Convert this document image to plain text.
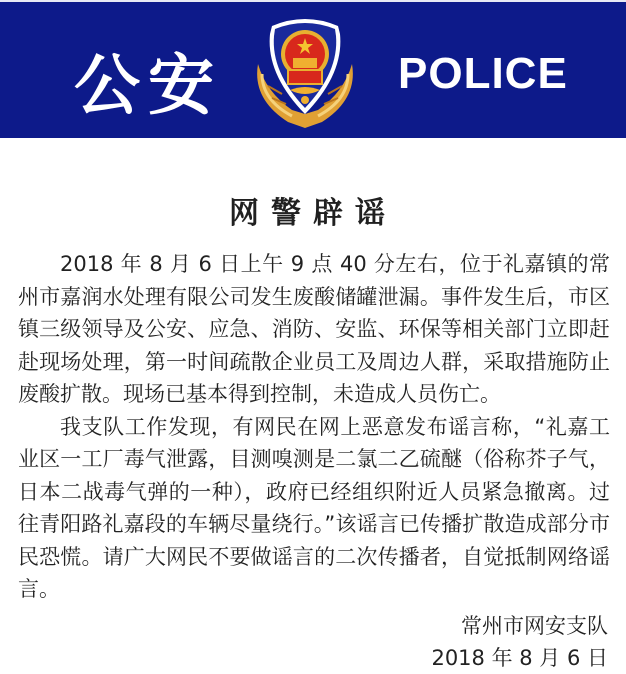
公安	POLICE
网警辟谣

2018 年 8 月 6 日上午 9 点 40 分左右，位于礼嘉镇的常州市嘉润水处理有限公司发生废酸储罐泄漏。事件发生后，市区镇三级领导及公安、应急、消防、安监、环保等相关部门立即赶赴现场处理，第一时间疏散企业员工及周边人群，采取措施防止废酸扩散。现场已基本得到控制，未造成人员伤亡。

我支队工作发现，有网民在网上恶意发布谣言称，“礼嘉工业区一工厂毒气泄露，目测嗅测是二氯二乙硫醚（俗称芥子气，日本二战毒气弹的一种），政府已经组织附近人员紧急撤离。过往青阳路礼嘉段的车辆尽量绕行。”该谣言已传播扩散造成部分市民恐慌。请广大网民不要做谣言的二次传播者，自觉抵制网络谣言。

常州市网安支队
2018 年 8 月 6 日
